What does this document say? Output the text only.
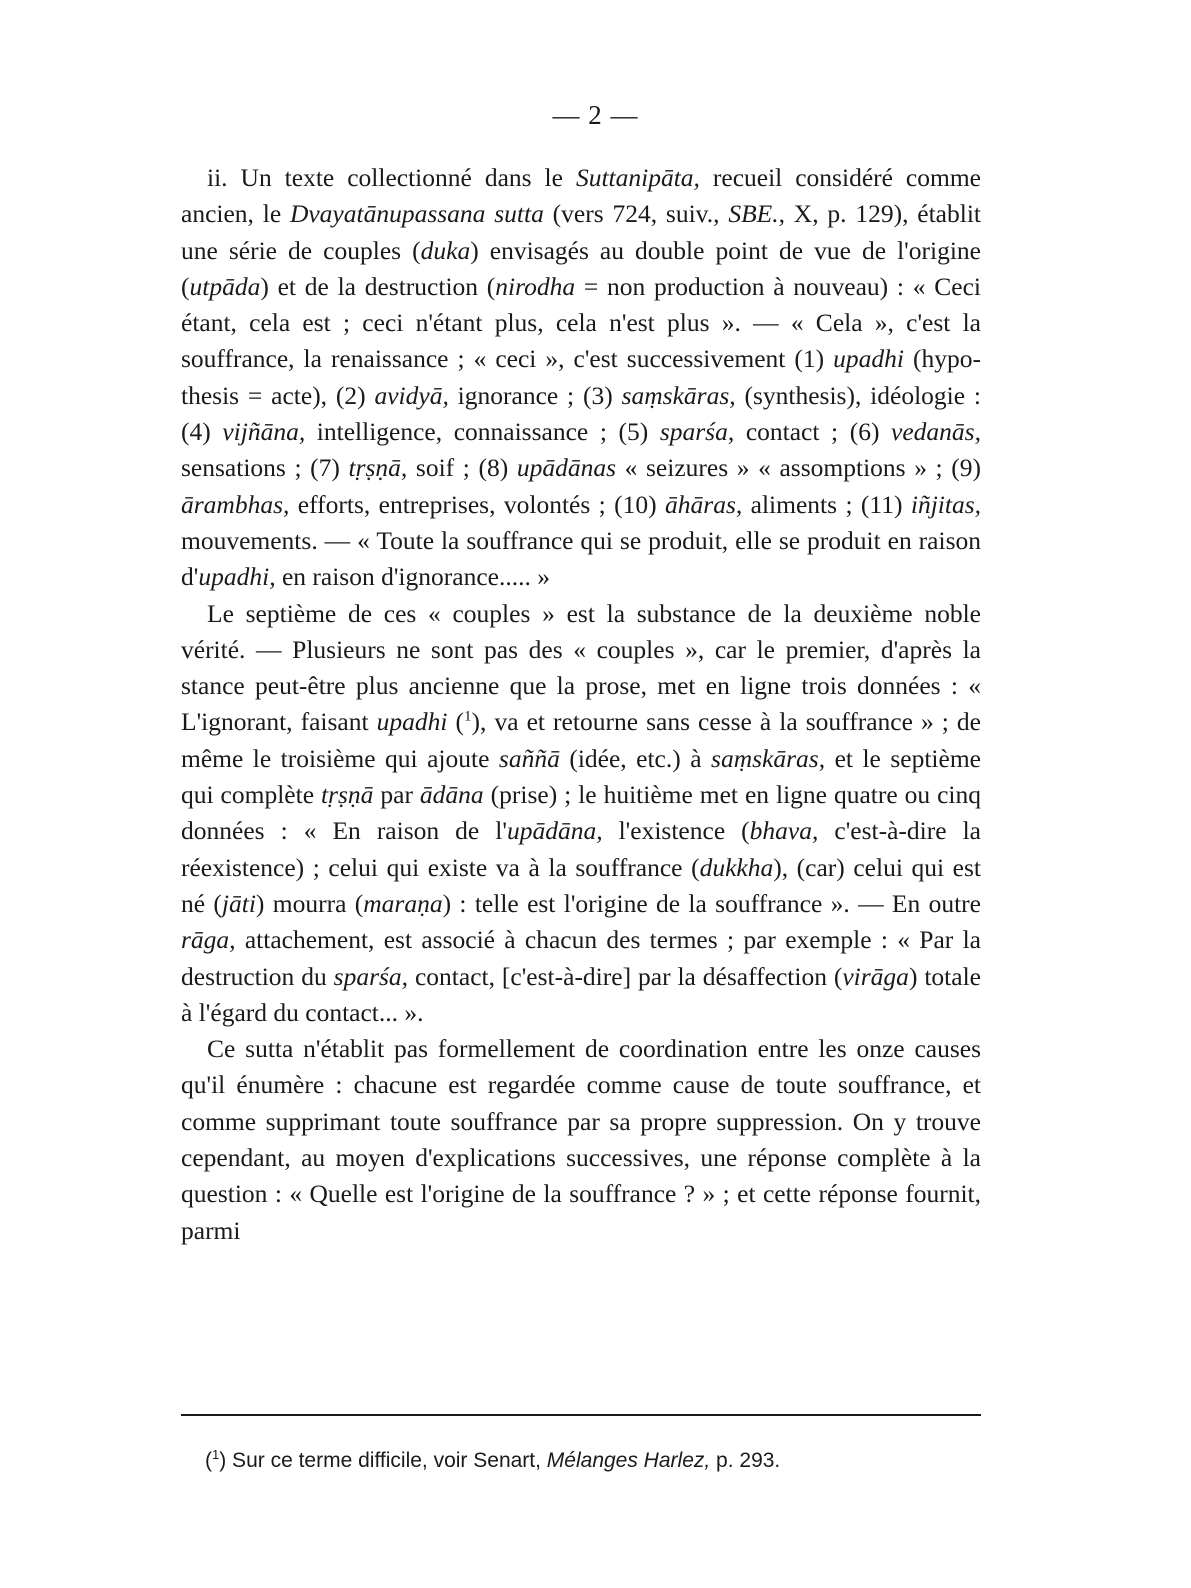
— 2 —

ii. Un texte collectionné dans le Suttanipāta, recueil considéré comme ancien, le Dvayatānupassana sutta (vers 724, suiv., SBE., X, p. 129), établit une série de couples (duka) envisagés au double point de vue de l'origine (utpāda) et de la destruction (nirodha = non production à nouveau) : « Ceci étant, cela est ; ceci n'étant plus, cela n'est plus ». — « Cela », c'est la souffrance, la renaissance ; « ceci », c'est successivement (1) upadhi (hypo-thesis = acte), (2) avidyā, ignorance ; (3) saṃskāras, (synthesis), idéologie : (4) vijñāna, intelligence, connaissance ; (5) sparśa, contact ; (6) vedanās, sensations ; (7) tṛṣṇā, soif ; (8) upādānas « seizures » « assomptions » ; (9) ārambhas, efforts, entreprises, volontés ; (10) āhāras, aliments ; (11) iñjitas, mouvements. — « Toute la souffrance qui se produit, elle se produit en raison d'upadhi, en raison d'ignorance..... »

Le septième de ces « couples » est la substance de la deuxième noble vérité. — Plusieurs ne sont pas des « couples », car le premier, d'après la stance peut-être plus ancienne que la prose, met en ligne trois données : « L'ignorant, faisant upadhi ($^1$), va et retourne sans cesse à la souffrance » ; de même le troisième qui ajoute saññā (idée, etc.) à saṃskāras, et le septième qui complète tṛṣṇā par ādāna (prise) ; le huitième met en ligne quatre ou cinq données : « En raison de l'upādāna, l'existence (bhava, c'est-à-dire la réexistence) ; celui qui existe va à la souffrance (dukkha), (car) celui qui est né (jāti) mourra (maraṇa) : telle est l'origine de la souffrance ». — En outre rāga, attachement, est associé à chacun des termes ; par exemple : « Par la destruction du sparśa, contact, [c'est-à-dire] par la désaffection (virāga) totale à l'égard du contact... ».

Ce sutta n'établit pas formellement de coordination entre les onze causes qu'il énumère : chacune est regardée comme cause de toute souffrance, et comme supprimant toute souffrance par sa propre suppression. On y trouve cependant, au moyen d'explications successives, une réponse complète à la question : « Quelle est l'origine de la souffrance ? » ; et cette réponse fournit, parmi

($^1$) Sur ce terme difficile, voir Senart, Mélanges Harlez, p. 293.
